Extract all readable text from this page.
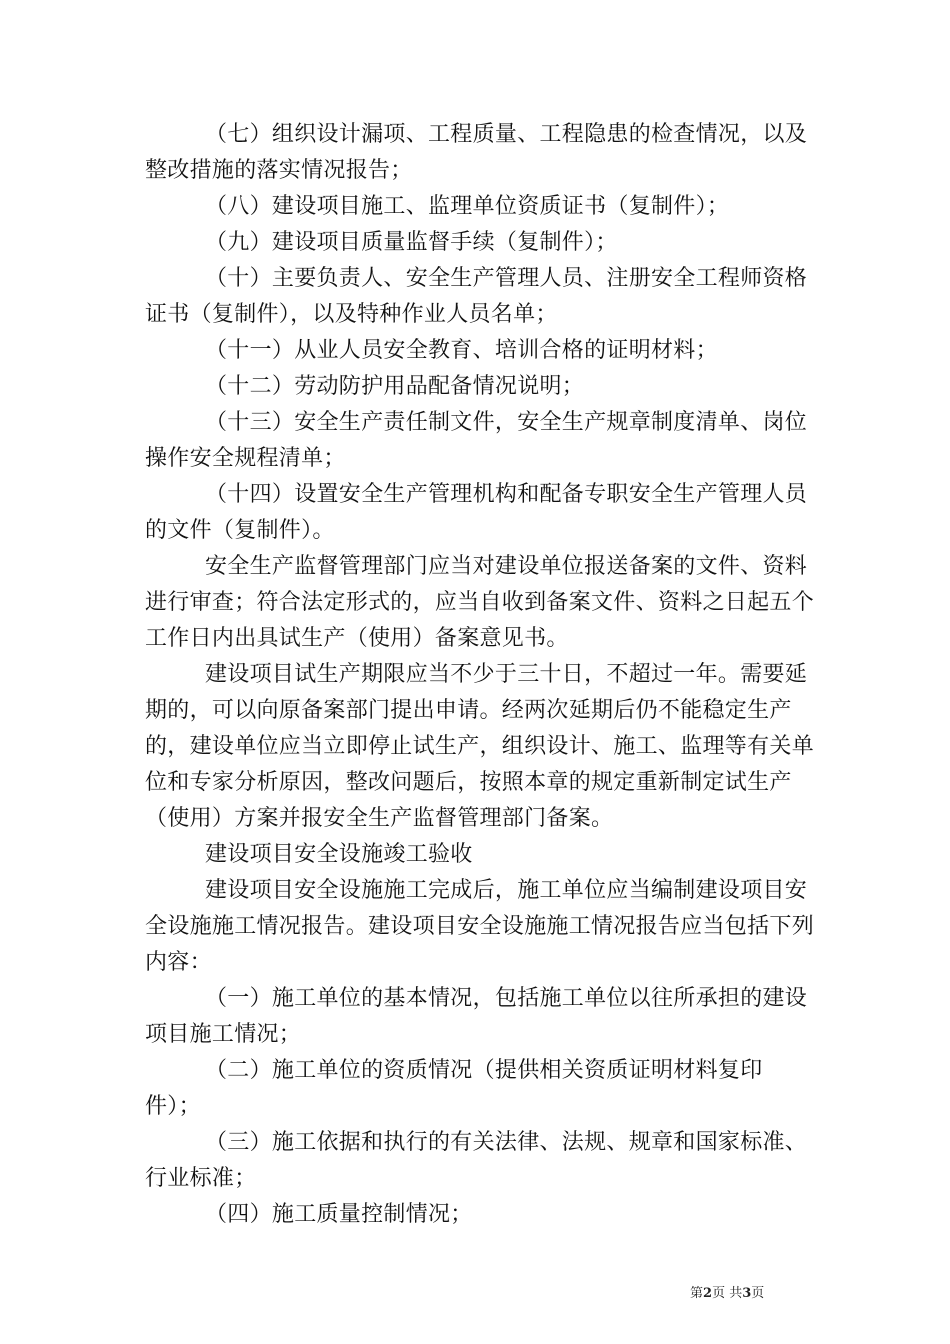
（七）组织设计漏项、工程质量、工程隐患的检查情况，以及整改措施的落实情况报告；

（八）建设项目施工、监理单位资质证书（复制件）；

（九）建设项目质量监督手续（复制件）；

（十）主要负责人、安全生产管理人员、注册安全工程师资格证书（复制件），以及特种作业人员名单；

（十一）从业人员安全教育、培训合格的证明材料；

（十二）劳动防护用品配备情况说明；

（十三）安全生产责任制文件，安全生产规章制度清单、岗位操作安全规程清单；

（十四）设置安全生产管理机构和配备专职安全生产管理人员的文件（复制件）。

安全生产监督管理部门应当对建设单位报送备案的文件、资料进行审查；符合法定形式的，应当自收到备案文件、资料之日起五个工作日内出具试生产（使用）备案意见书。

建设项目试生产期限应当不少于三十日，不超过一年。需要延期的，可以向原备案部门提出申请。经两次延期后仍不能稳定生产的，建设单位应当立即停止试生产，组织设计、施工、监理等有关单位和专家分析原因，整改问题后，按照本章的规定重新制定试生产（使用）方案并报安全生产监督管理部门备案。

建设项目安全设施竣工验收

建设项目安全设施施工完成后，施工单位应当编制建设项目安全设施施工情况报告。建设项目安全设施施工情况报告应当包括下列内容：

（一）施工单位的基本情况，包括施工单位以往所承担的建设项目施工情况；

（二）施工单位的资质情况（提供相关资质证明材料复印件）；

（三）施工依据和执行的有关法律、法规、规章和国家标准、行业标准；

（四）施工质量控制情况；

第2页 共3页
